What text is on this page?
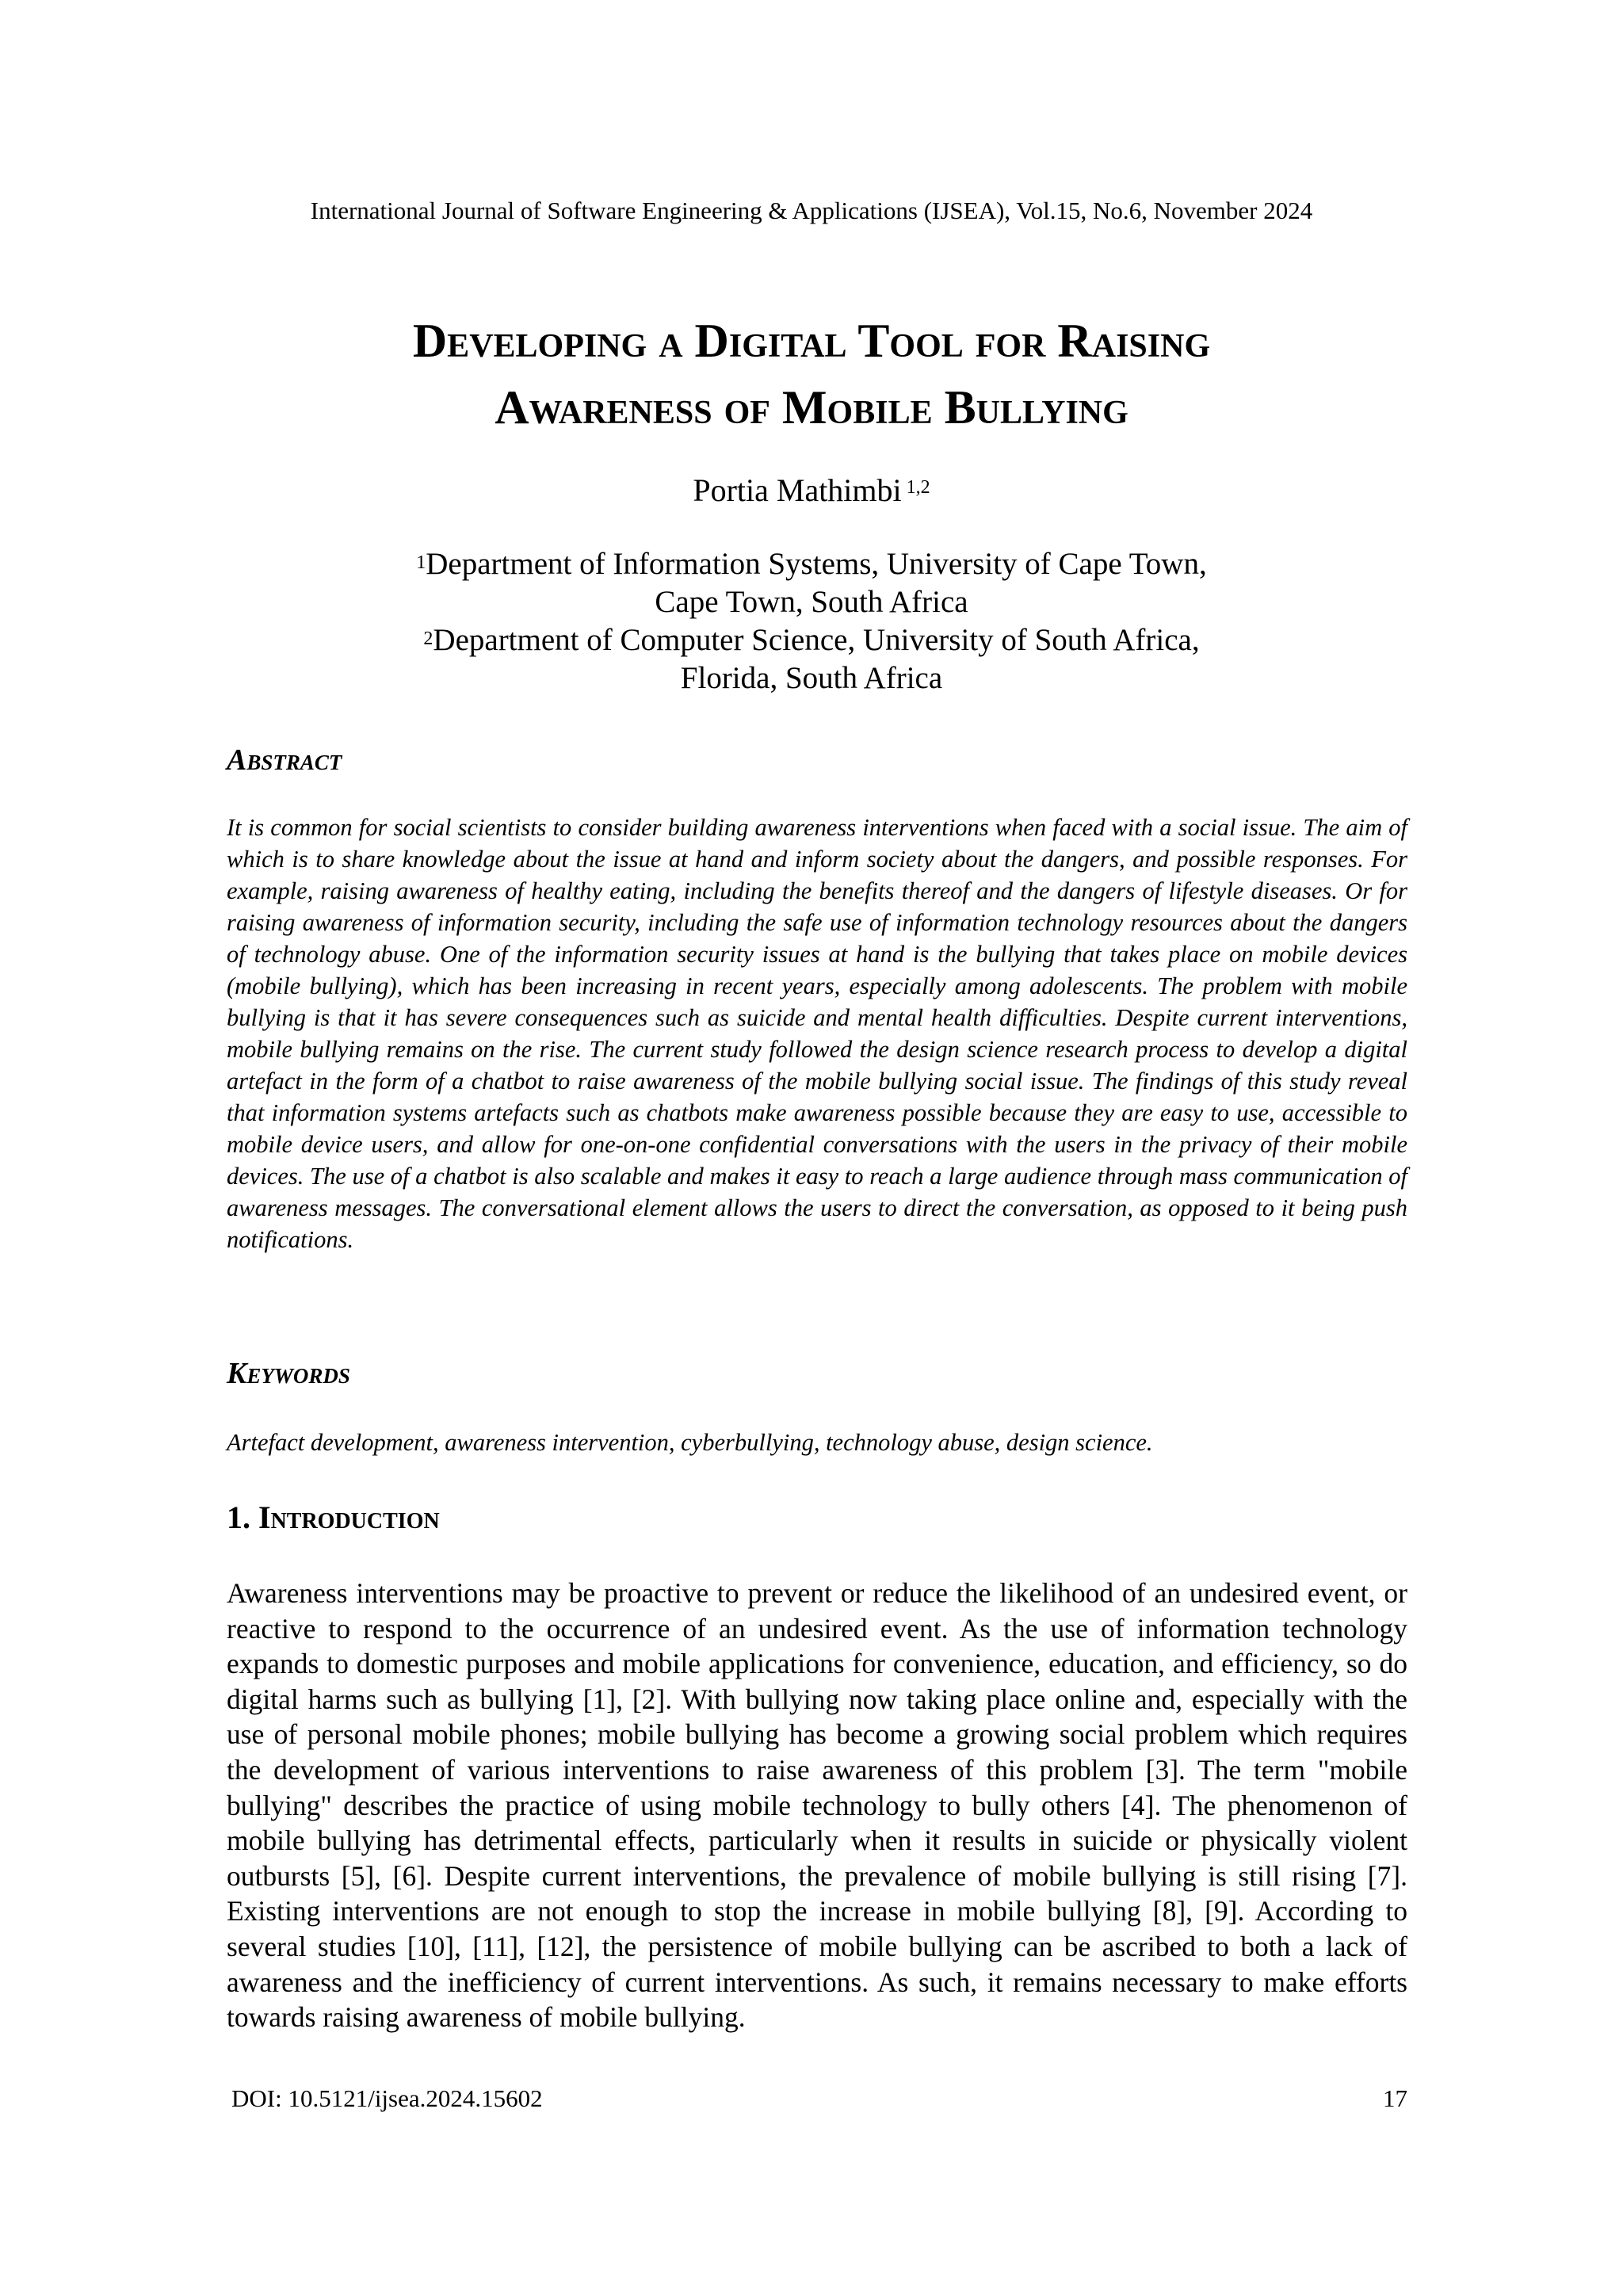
International Journal of Software Engineering & Applications (IJSEA), Vol.15, No.6, November 2024
Developing a Digital Tool for Raising
Awareness of Mobile Bullying
Portia Mathimbi $^{1,2}$
$^1$Department of Information Systems, University of Cape Town,
Cape Town, South Africa
$^2$Department of Computer Science, University of South Africa,
Florida, South Africa
Abstract
It is common for social scientists to consider building awareness interventions when faced with a social issue. The aim of which is to share knowledge about the issue at hand and inform society about the dangers, and possible responses. For example, raising awareness of healthy eating, including the benefits thereof and the dangers of lifestyle diseases. Or for raising awareness of information security, including the safe use of information technology resources about the dangers of technology abuse. One of the information security issues at hand is the bullying that takes place on mobile devices (mobile bullying), which has been increasing in recent years, especially among adolescents. The problem with mobile bullying is that it has severe consequences such as suicide and mental health difficulties. Despite current interventions, mobile bullying remains on the rise. The current study followed the design science research process to develop a digital artefact in the form of a chatbot to raise awareness of the mobile bullying social issue. The findings of this study reveal that information systems artefacts such as chatbots make awareness possible because they are easy to use, accessible to mobile device users, and allow for one-on-one confidential conversations with the users in the privacy of their mobile devices. The use of a chatbot is also scalable and makes it easy to reach a large audience through mass communication of awareness messages. The conversational element allows the users to direct the conversation, as opposed to it being push notifications.
Keywords
Artefact development, awareness intervention, cyberbullying, technology abuse, design science.
1. Introduction
Awareness interventions may be proactive to prevent or reduce the likelihood of an undesired event, or reactive to respond to the occurrence of an undesired event. As the use of information technology expands to domestic purposes and mobile applications for convenience, education, and efficiency, so do digital harms such as bullying [1], [2]. With bullying now taking place online and, especially with the use of personal mobile phones; mobile bullying has become a growing social problem which requires the development of various interventions to raise awareness of this problem [3]. The term "mobile bullying" describes the practice of using mobile technology to bully others [4]. The phenomenon of mobile bullying has detrimental effects, particularly when it results in suicide or physically violent outbursts [5], [6]. Despite current interventions, the prevalence of mobile bullying is still rising [7]. Existing interventions are not enough to stop the increase in mobile bullying [8], [9]. According to several studies [10], [11], [12], the persistence of mobile bullying can be ascribed to both a lack of awareness and the inefficiency of current interventions. As such, it remains necessary to make efforts towards raising awareness of mobile bullying.
DOI: 10.5121/ijsea.2024.15602	17
